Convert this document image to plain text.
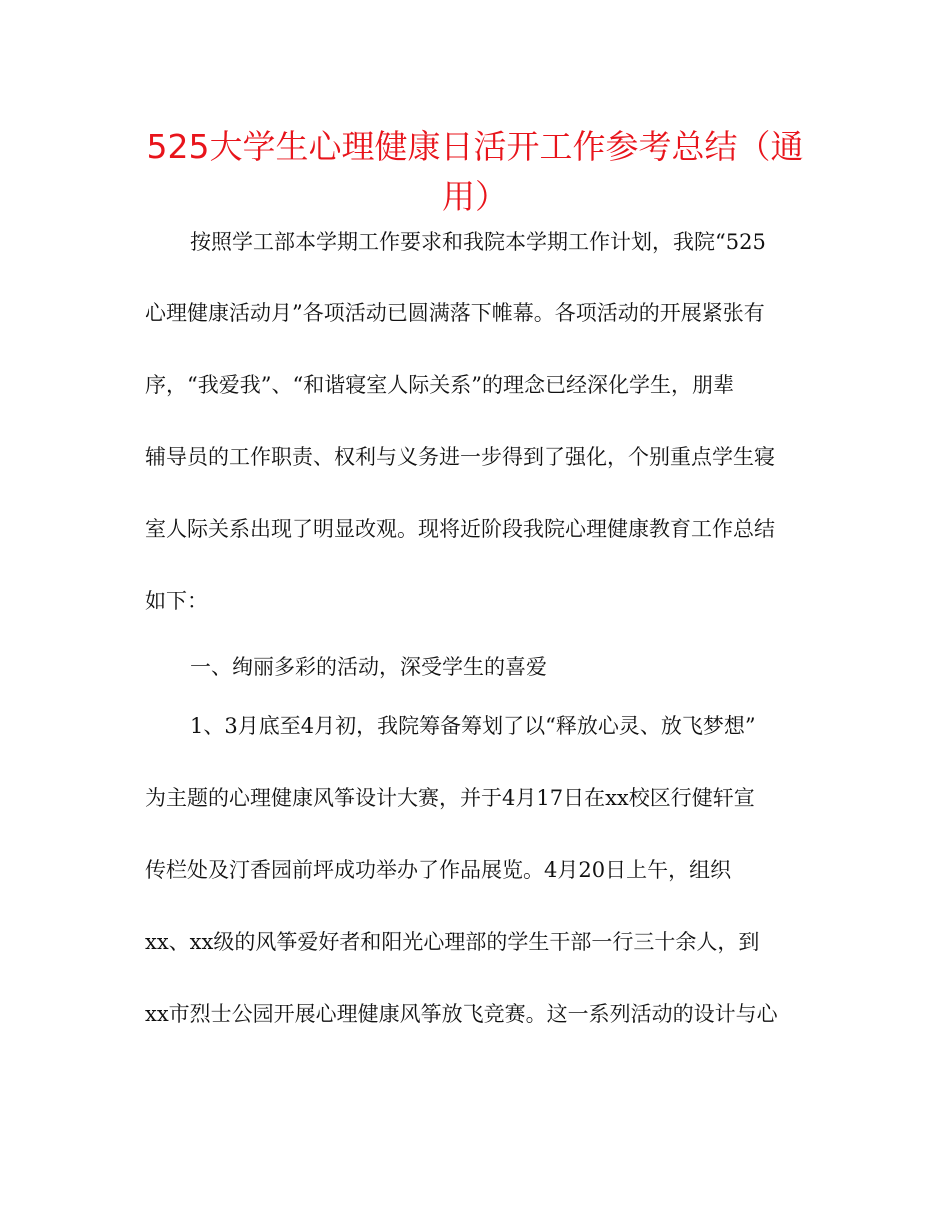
525大学生心理健康日活开工作参考总结（通用）

按照学工部本学期工作要求和我院本学期工作计划，我院“525

心理健康活动月”各项活动已圆满落下帷幕。各项活动的开展紧张有

序，“我爱我”、“和谐寝室人际关系”的理念已经深化学生，朋辈

辅导员的工作职责、权利与义务进一步得到了强化，个别重点学生寝

室人际关系出现了明显改观。现将近阶段我院心理健康教育工作总结

如下：

一、绚丽多彩的活动，深受学生的喜爱

1、3月底至4月初，我院筹备筹划了以“释放心灵、放飞梦想”

为主题的心理健康风筝设计大赛，并于4月17日在xx校区行健轩宣

传栏处及汀香园前坪成功举办了作品展览。4月20日上午，组织

xx、xx级的风筝爱好者和阳光心理部的学生干部一行三十余人，到

xx市烈士公园开展心理健康风筝放飞竞赛。这一系列活动的设计与心
